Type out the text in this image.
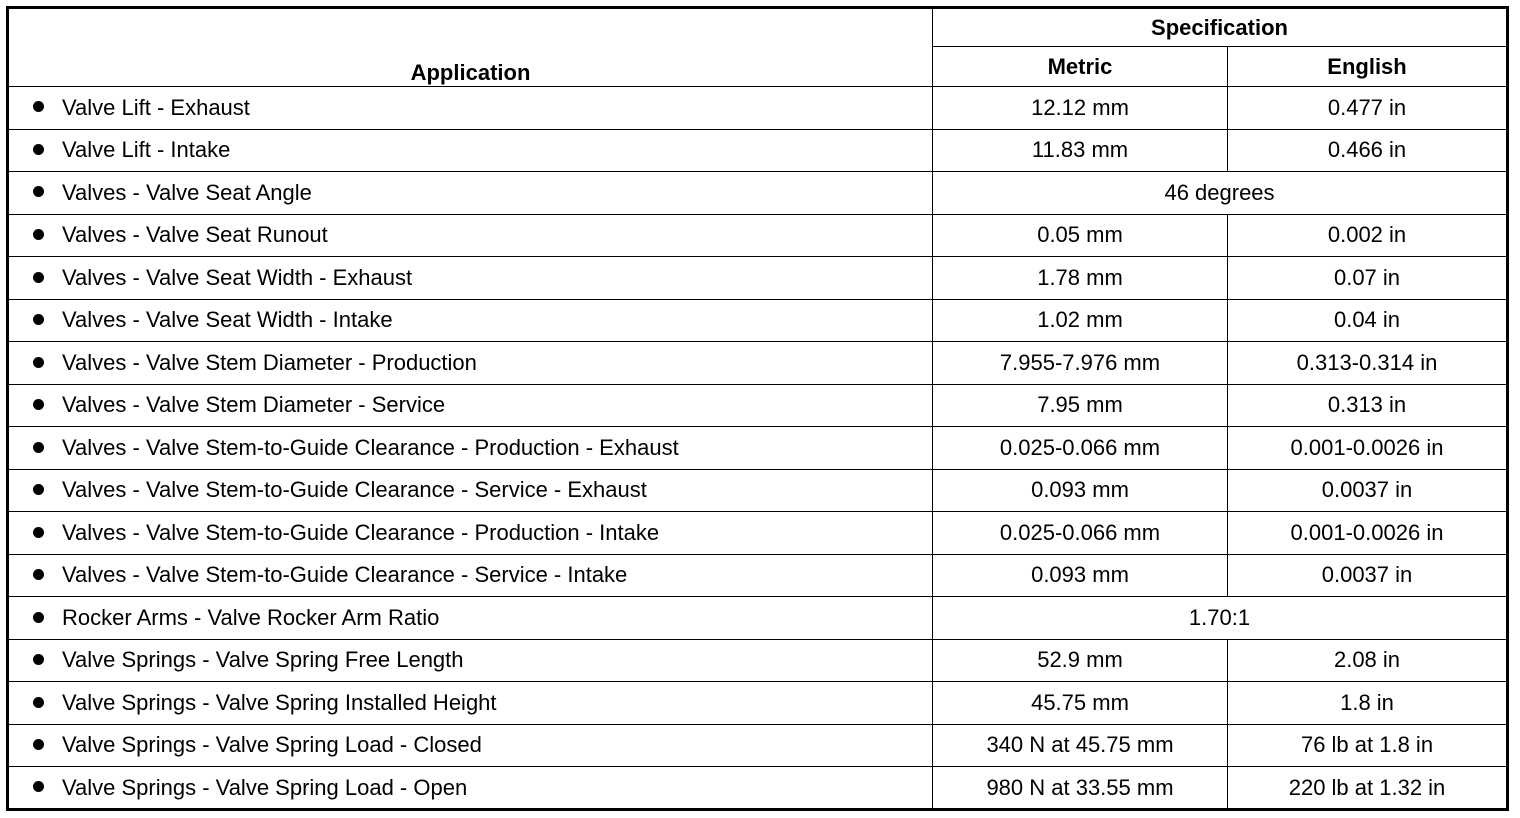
Application	Specification	
	Metric	English
Valve Lift - Exhaust	12.12 mm	0.477 in
Valve Lift - Intake	11.83 mm	0.466 in
Valves - Valve Seat Angle	46 degrees	
Valves - Valve Seat Runout	0.05 mm	0.002 in
Valves - Valve Seat Width - Exhaust	1.78 mm	0.07 in
Valves - Valve Seat Width - Intake	1.02 mm	0.04 in
Valves - Valve Stem Diameter - Production	7.955-7.976 mm	0.313-0.314 in
Valves - Valve Stem Diameter - Service	7.95 mm	0.313 in
Valves - Valve Stem-to-Guide Clearance - Production - Exhaust	0.025-0.066 mm	0.001-0.0026 in
Valves - Valve Stem-to-Guide Clearance - Service - Exhaust	0.093 mm	0.0037 in
Valves - Valve Stem-to-Guide Clearance - Production - Intake	0.025-0.066 mm	0.001-0.0026 in
Valves - Valve Stem-to-Guide Clearance - Service - Intake	0.093 mm	0.0037 in
Rocker Arms - Valve Rocker Arm Ratio	1.70:1	
Valve Springs - Valve Spring Free Length	52.9 mm	2.08 in
Valve Springs - Valve Spring Installed Height	45.75 mm	1.8 in
Valve Springs - Valve Spring Load - Closed	340 N at 45.75 mm	76 lb at 1.8 in
Valve Springs - Valve Spring Load - Open	980 N at 33.55 mm	220 lb at 1.32 in
